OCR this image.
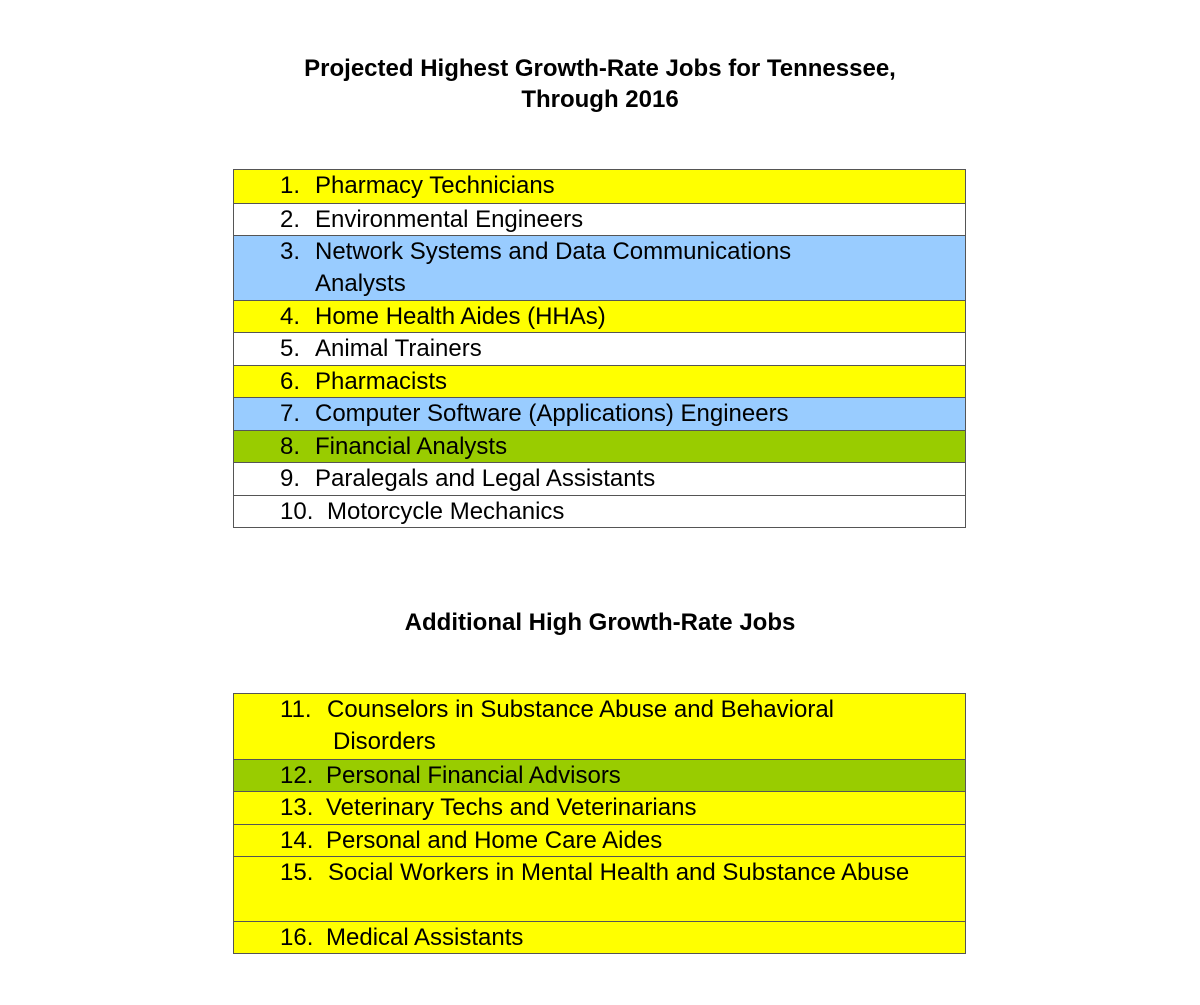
Projected Highest Growth-Rate Jobs for Tennessee,
Through 2016
1. Pharmacy Technicians
2. Environmental Engineers
3. Network Systems and Data Communications Analysts
4. Home Health Aides (HHAs)
5. Animal Trainers
6. Pharmacists
7. Computer Software (Applications) Engineers
8. Financial Analysts
9. Paralegals and Legal Assistants
10. Motorcycle Mechanics
Additional High Growth-Rate Jobs
11. Counselors in Substance Abuse and Behavioral Disorders
12. Personal Financial Advisors
13. Veterinary Techs and Veterinarians
14. Personal and Home Care Aides
15. Social Workers in Mental Health and Substance Abuse
16. Medical Assistants
